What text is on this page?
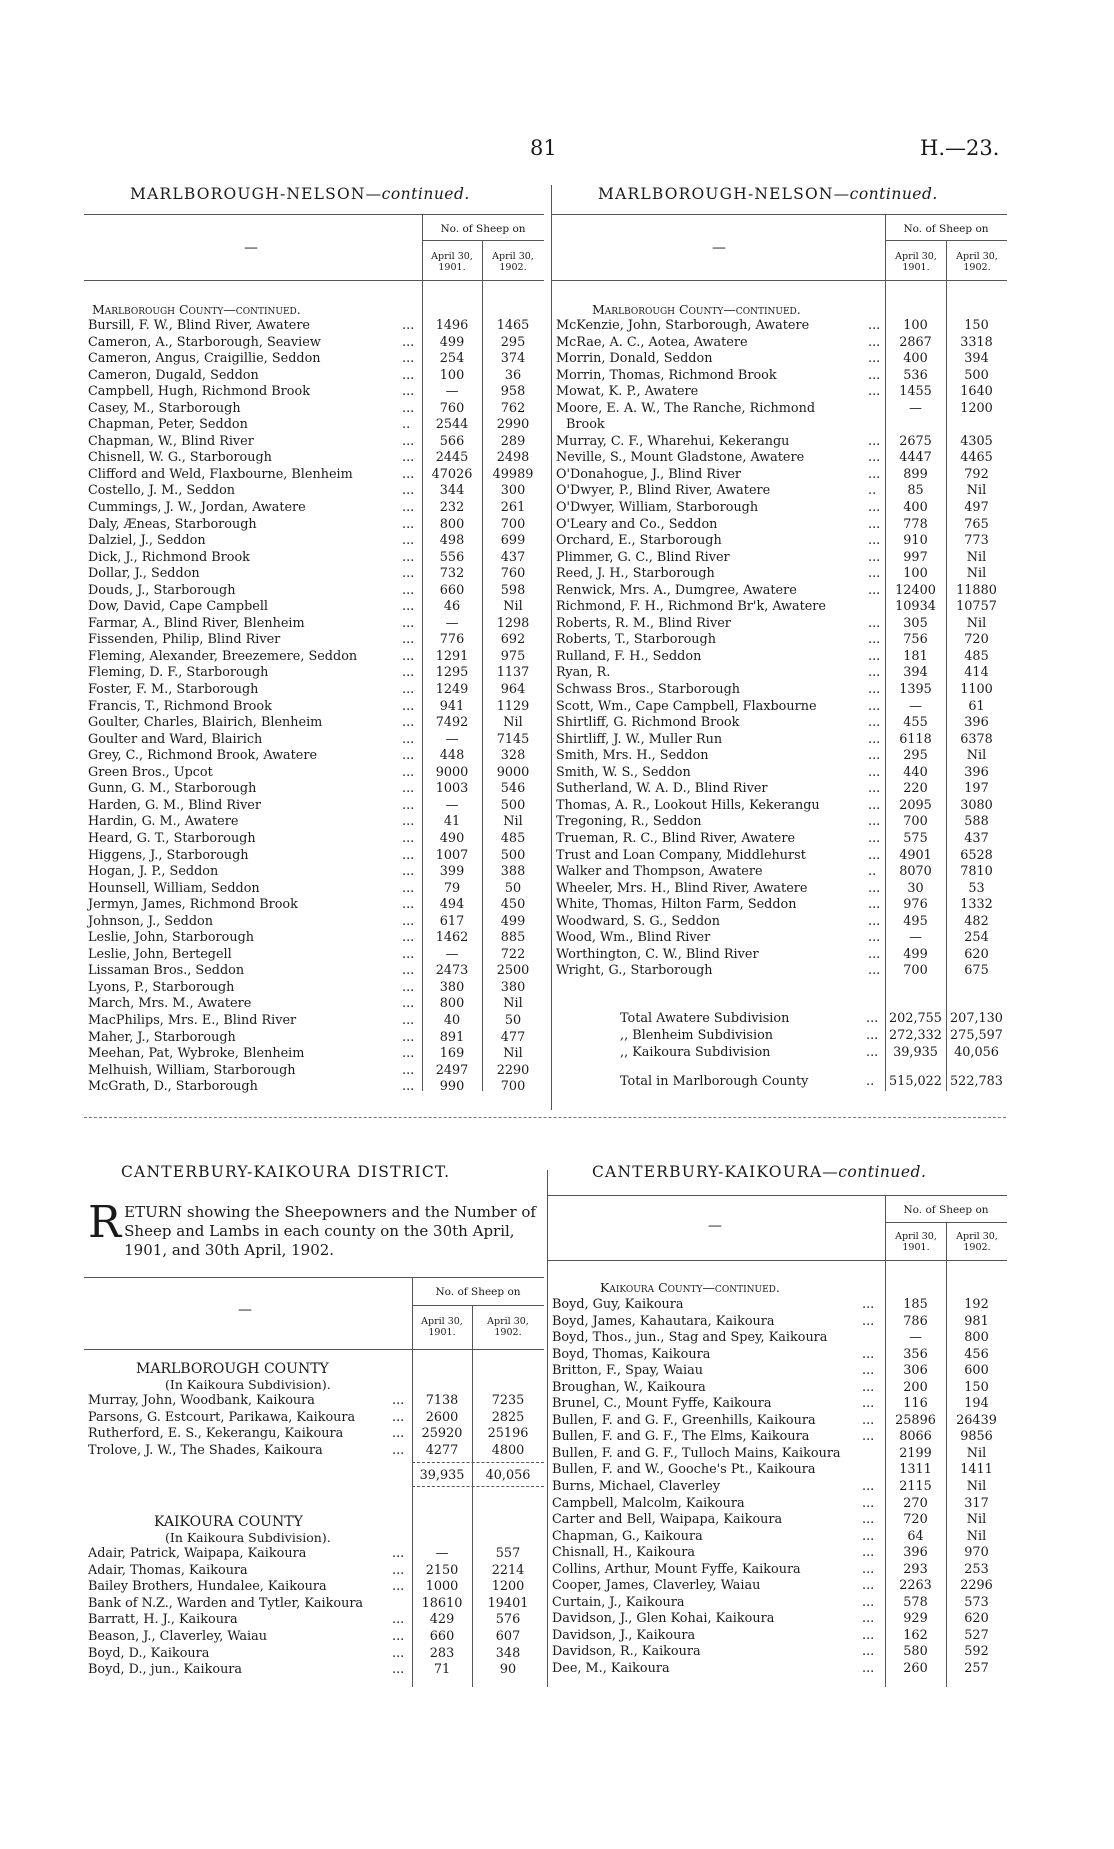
81	H.—23.
MARLBOROUGH-NELSON—continued.
—
No. of Sheep on
April 30, 1901.
April 30, 1902.
Marlborough County—continued.
Bursill, F. W., Blind River, Awatere	...	1496	1465
Cameron, A., Starborough, Seaview	...	499	295
Cameron, Angus, Craigillie, Seddon	...	254	374
Cameron, Dugald, Seddon	...	100	36
Campbell, Hugh, Richmond Brook	...	—	958
Casey, M., Starborough	...	760	762
Chapman, Peter, Seddon	..	2544	2990
Chapman, W., Blind River	...	566	289
Chisnell, W. G., Starborough	...	2445	2498
Clifford and Weld, Flaxbourne, Blenheim	...	47026	49989
Costello, J. M., Seddon	...	344	300
Cummings, J. W., Jordan, Awatere	...	232	261
Daly, Æneas, Starborough	...	800	700
Dalziel, J., Seddon	...	498	699
Dick, J., Richmond Brook	...	556	437
Dollar, J., Seddon	...	732	760
Douds, J., Starborough	...	660	598
Dow, David, Cape Campbell	...	46	Nil
Farmar, A., Blind River, Blenheim	...	—	1298
Fissenden, Philip, Blind River	...	776	692
Fleming, Alexander, Breezemere, Seddon	...	1291	975
Fleming, D. F., Starborough	...	1295	1137
Foster, F. M., Starborough	...	1249	964
Francis, T., Richmond Brook	...	941	1129
Goulter, Charles, Blairich, Blenheim	...	7492	Nil
Goulter and Ward, Blairich	...	—	7145
Grey, C., Richmond Brook, Awatere	...	448	328
Green Bros., Upcot	...	9000	9000
Gunn, G. M., Starborough	...	1003	546
Harden, G. M., Blind River	...	—	500
Hardin, G. M., Awatere	...	41	Nil
Heard, G. T., Starborough	...	490	485
Higgens, J., Starborough	...	1007	500
Hogan, J. P., Seddon	...	399	388
Hounsell, William, Seddon	...	79	50
Jermyn, James, Richmond Brook	...	494	450
Johnson, J., Seddon	...	617	499
Leslie, John, Starborough	...	1462	885
Leslie, John, Bertegell	...	—	722
Lissaman Bros., Seddon	...	2473	2500
Lyons, P., Starborough	...	380	380
March, Mrs. M., Awatere	...	800	Nil
MacPhilips, Mrs. E., Blind River	...	40	50
Maher, J., Starborough	...	891	477
Meehan, Pat, Wybroke, Blenheim	...	169	Nil
Melhuish, William, Starborough	...	2497	2290
McGrath, D., Starborough	...	990	700
MARLBOROUGH-NELSON—continued.
—
No. of Sheep on
April 30, 1901.
April 30, 1902.
Marlborough County—continued.
McKenzie, John, Starborough, Awatere	...	100	150
McRae, A. C., Aotea, Awatere	...	2867	3318
Morrin, Donald, Seddon	...	400	394
Morrin, Thomas, Richmond Brook	...	536	500
Mowat, K. P., Awatere	...	1455	1640
Moore, E. A. W., The Ranche, Richmond	—	1200
Brook
Murray, C. F., Wharehui, Kekerangu	...	2675	4305
Neville, S., Mount Gladstone, Awatere	...	4447	4465
O'Donahogue, J., Blind River	...	899	792
O'Dwyer, P., Blind River, Awatere	..	85	Nil
O'Dwyer, William, Starborough	...	400	497
O'Leary and Co., Seddon	...	778	765
Orchard, E., Starborough	...	910	773
Plimmer, G. C., Blind River	...	997	Nil
Reed, J. H., Starborough	...	100	Nil
Renwick, Mrs. A., Dumgree, Awatere	...	12400	11880
Richmond, F. H., Richmond Br'k, Awatere	10934	10757
Roberts, R. M., Blind River	...	305	Nil
Roberts, T., Starborough	...	756	720
Rulland, F. H., Seddon	...	181	485
Ryan, R.	...	394	414
Schwass Bros., Starborough	...	1395	1100
Scott, Wm., Cape Campbell, Flaxbourne	...	—	61
Shirtliff, G. Richmond Brook	...	455	396
Shirtliff, J. W., Muller Run	...	6118	6378
Smith, Mrs. H., Seddon	...	295	Nil
Smith, W. S., Seddon	...	440	396
Sutherland, W. A. D., Blind River	...	220	197
Thomas, A. R., Lookout Hills, Kekerangu	...	2095	3080
Tregoning, R., Seddon	...	700	588
Trueman, R. C., Blind River, Awatere	...	575	437
Trust and Loan Company, Middlehurst	...	4901	6528
Walker and Thompson, Awatere	..	8070	7810
Wheeler, Mrs. H., Blind River, Awatere	...	30	53
White, Thomas, Hilton Farm, Seddon	...	976	1332
Woodward, S. G., Seddon	...	495	482
Wood, Wm., Blind River	...	—	254
Worthington, C. W., Blind River	...	499	620
Wright, G., Starborough	...	700	675
Total Awatere Subdivision	... 202,755 207,130
,, Blenheim Subdivision	... 272,332 275,597
,, Kaikoura Subdivision	...	39,935	40,056
Total in Marlborough County	..	515,022 522,783
CANTERBURY-KAIKOURA DISTRICT.
RETURN showing the Sheepowners and the Number of Sheep and Lambs in each county on the 30th April, 1901, and 30th April, 1902.
—
No. of Sheep on
April 30, 1901.
April 30, 1902.
MARLBOROUGH COUNTY
(In Kaikoura Subdivision).
Murray, John, Woodbank, Kaikoura	...	7138	7235
Parsons, G. Estcourt, Parikawa, Kaikoura	...	2600	2825
Rutherford, E. S., Kekerangu, Kaikoura	...	25920	25196
Trolove, J. W., The Shades, Kaikoura	...	4277	4800
39,935	40,056
KAIKOURA COUNTY
(In Kaikoura Subdivision).
Adair, Patrick, Waipapa, Kaikoura	...	—	557
Adair, Thomas, Kaikoura	...	2150	2214
Bailey Brothers, Hundalee, Kaikoura	...	1000	1200
Bank of N.Z., Warden and Tytler, Kaikoura	18610	19401
Barratt, H. J., Kaikoura	...	429	576
Beason, J., Claverley, Waiau	...	660	607
Boyd, D., Kaikoura	...	283	348
Boyd, D., jun., Kaikoura	...	71	90
CANTERBURY-KAIKOURA—continued.
—
No. of Sheep on
April 30, 1901.
April 30, 1902.
Kaikoura County—continued.
Boyd, Guy, Kaikoura	...	185	192
Boyd, James, Kahautara, Kaikoura	...	786	981
Boyd, Thos., jun., Stag and Spey, Kaikoura	—	800
Boyd, Thomas, Kaikoura	...	356	456
Britton, F., Spay, Waiau	...	306	600
Broughan, W., Kaikoura	...	200	150
Brunel, C., Mount Fyffe, Kaikoura	...	116	194
Bullen, F. and G. F., Greenhills, Kaikoura	...	25896	26439
Bullen, F. and G. F., The Elms, Kaikoura	...	8066	9856
Bullen, F. and G. F., Tulloch Mains, Kaikoura	2199	Nil
Bullen, F. and W., Gooche's Pt., Kaikoura	1311	1411
Burns, Michael, Claverley	...	2115	Nil
Campbell, Malcolm, Kaikoura	...	270	317
Carter and Bell, Waipapa, Kaikoura	...	720	Nil
Chapman, G., Kaikoura	...	64	Nil
Chisnall, H., Kaikoura	...	396	970
Collins, Arthur, Mount Fyffe, Kaikoura	...	293	253
Cooper, James, Claverley, Waiau	...	2263	2296
Curtain, J., Kaikoura	...	578	573
Davidson, J., Glen Kohai, Kaikoura	...	929	620
Davidson, J., Kaikoura	...	162	527
Davidson, R., Kaikoura	...	580	592
Dee, M., Kaikoura	...	260	257
